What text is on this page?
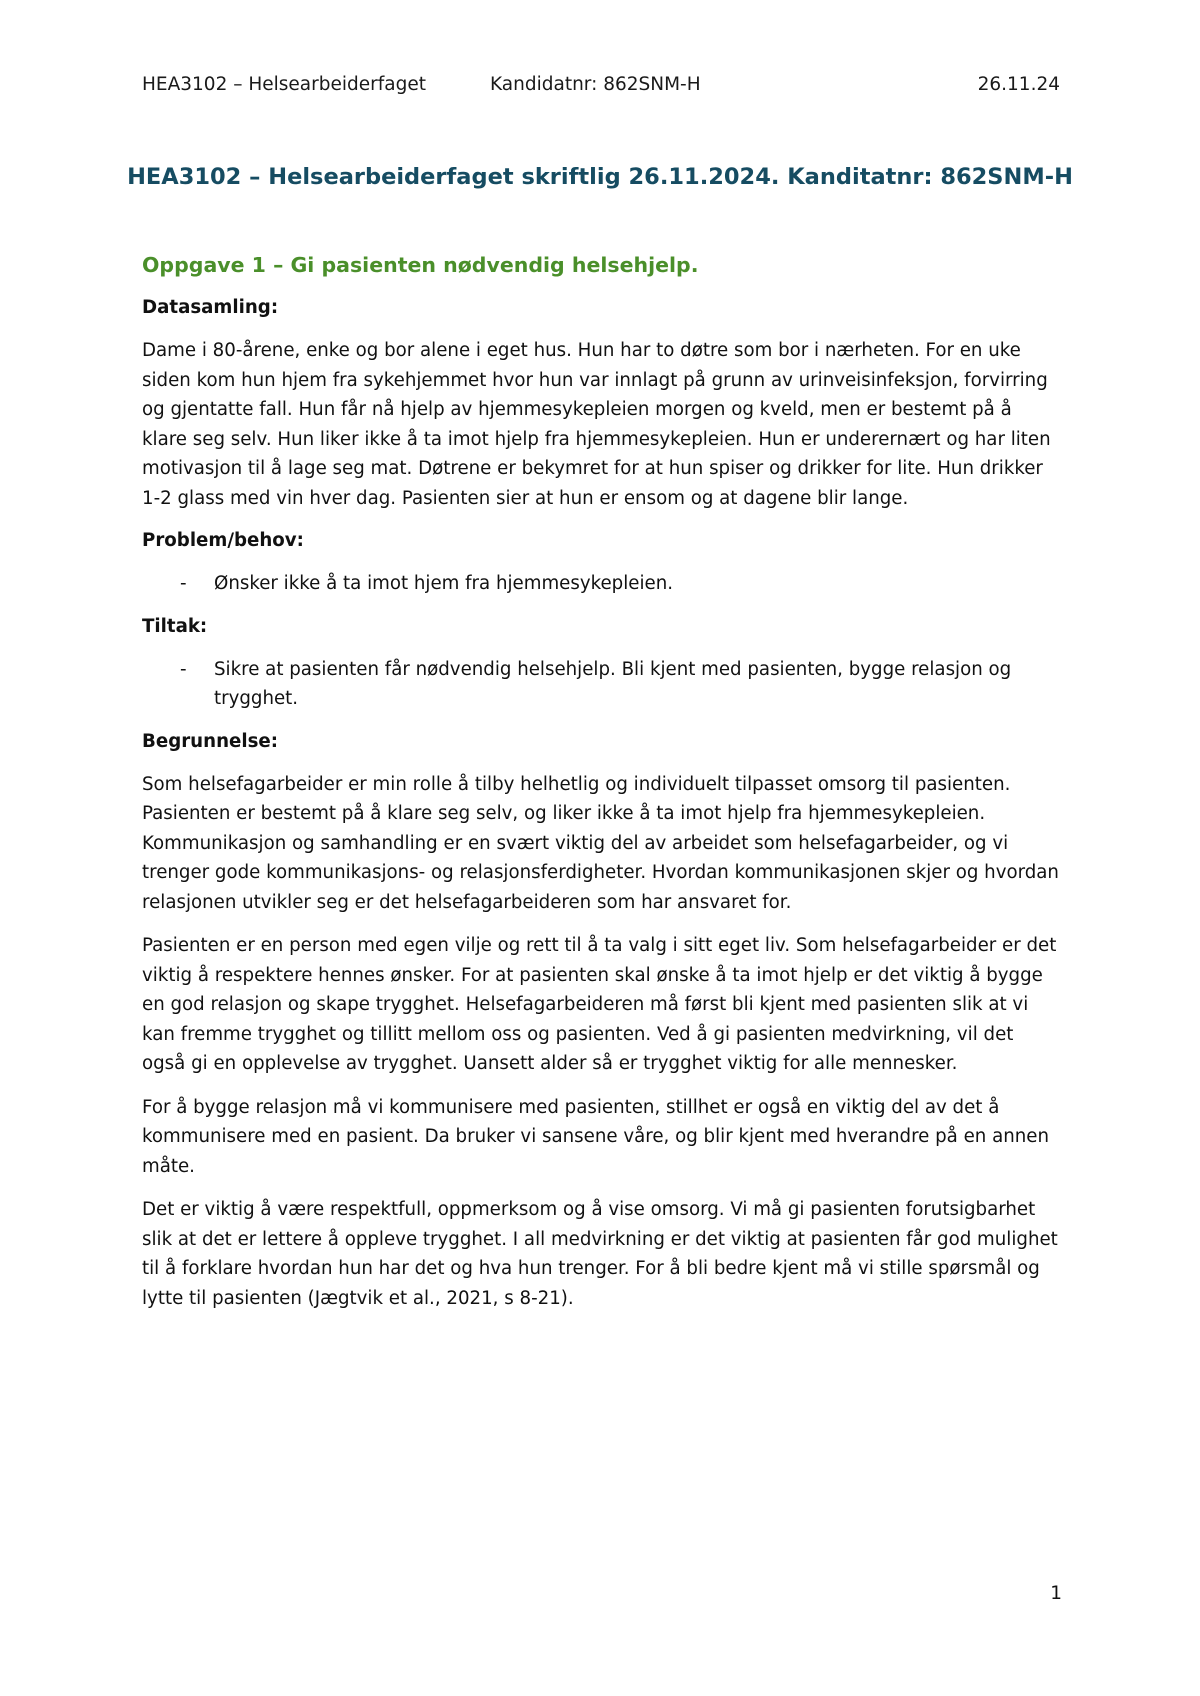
HEA3102 – Helsearbeiderfaget	Kandidatnr: 862SNM-H	26.11.24
HEA3102 – Helsearbeiderfaget skriftlig 26.11.2024. Kanditatnr: 862SNM-H
Oppgave 1 – Gi pasienten nødvendig helsehjelp.
Datasamling:

Dame i 80-årene, enke og bor alene i eget hus. Hun har to døtre som bor i nærheten. For en uke siden kom hun hjem fra sykehjemmet hvor hun var innlagt på grunn av urinveisinfeksjon, forvirring og gjentatte fall. Hun får nå hjelp av hjemmesykepleien morgen og kveld, men er bestemt på å klare seg selv. Hun liker ikke å ta imot hjelp fra hjemmesykepleien. Hun er underernært og har liten motivasjon til å lage seg mat. Døtrene er bekymret for at hun spiser og drikker for lite. Hun drikker 1-2 glass med vin hver dag. Pasienten sier at hun er ensom og at dagene blir lange.

Problem/behov:
- Ønsker ikke å ta imot hjem fra hjemmesykepleien.
Tiltak:
- Sikre at pasienten får nødvendig helsehjelp. Bli kjent med pasienten, bygge relasjon og trygghet.
Begrunnelse:

Som helsefagarbeider er min rolle å tilby helhetlig og individuelt tilpasset omsorg til pasienten. Pasienten er bestemt på å klare seg selv, og liker ikke å ta imot hjelp fra hjemmesykepleien. Kommunikasjon og samhandling er en svært viktig del av arbeidet som helsefagarbeider, og vi trenger gode kommunikasjons- og relasjonsferdigheter. Hvordan kommunikasjonen skjer og hvordan relasjonen utvikler seg er det helsefagarbeideren som har ansvaret for.

Pasienten er en person med egen vilje og rett til å ta valg i sitt eget liv. Som helsefagarbeider er det viktig å respektere hennes ønsker. For at pasienten skal ønske å ta imot hjelp er det viktig å bygge en god relasjon og skape trygghet. Helsefagarbeideren må først bli kjent med pasienten slik at vi kan fremme trygghet og tillitt mellom oss og pasienten. Ved å gi pasienten medvirkning, vil det også gi en opplevelse av trygghet. Uansett alder så er trygghet viktig for alle mennesker.

For å bygge relasjon må vi kommunisere med pasienten, stillhet er også en viktig del av det å kommunisere med en pasient. Da bruker vi sansene våre, og blir kjent med hverandre på en annen måte.

Det er viktig å være respektfull, oppmerksom og å vise omsorg. Vi må gi pasienten forutsigbarhet slik at det er lettere å oppleve trygghet. I all medvirkning er det viktig at pasienten får god mulighet til å forklare hvordan hun har det og hva hun trenger. For å bli bedre kjent må vi stille spørsmål og lytte til pasienten (Jægtvik et al., 2021, s 8-21).

1
